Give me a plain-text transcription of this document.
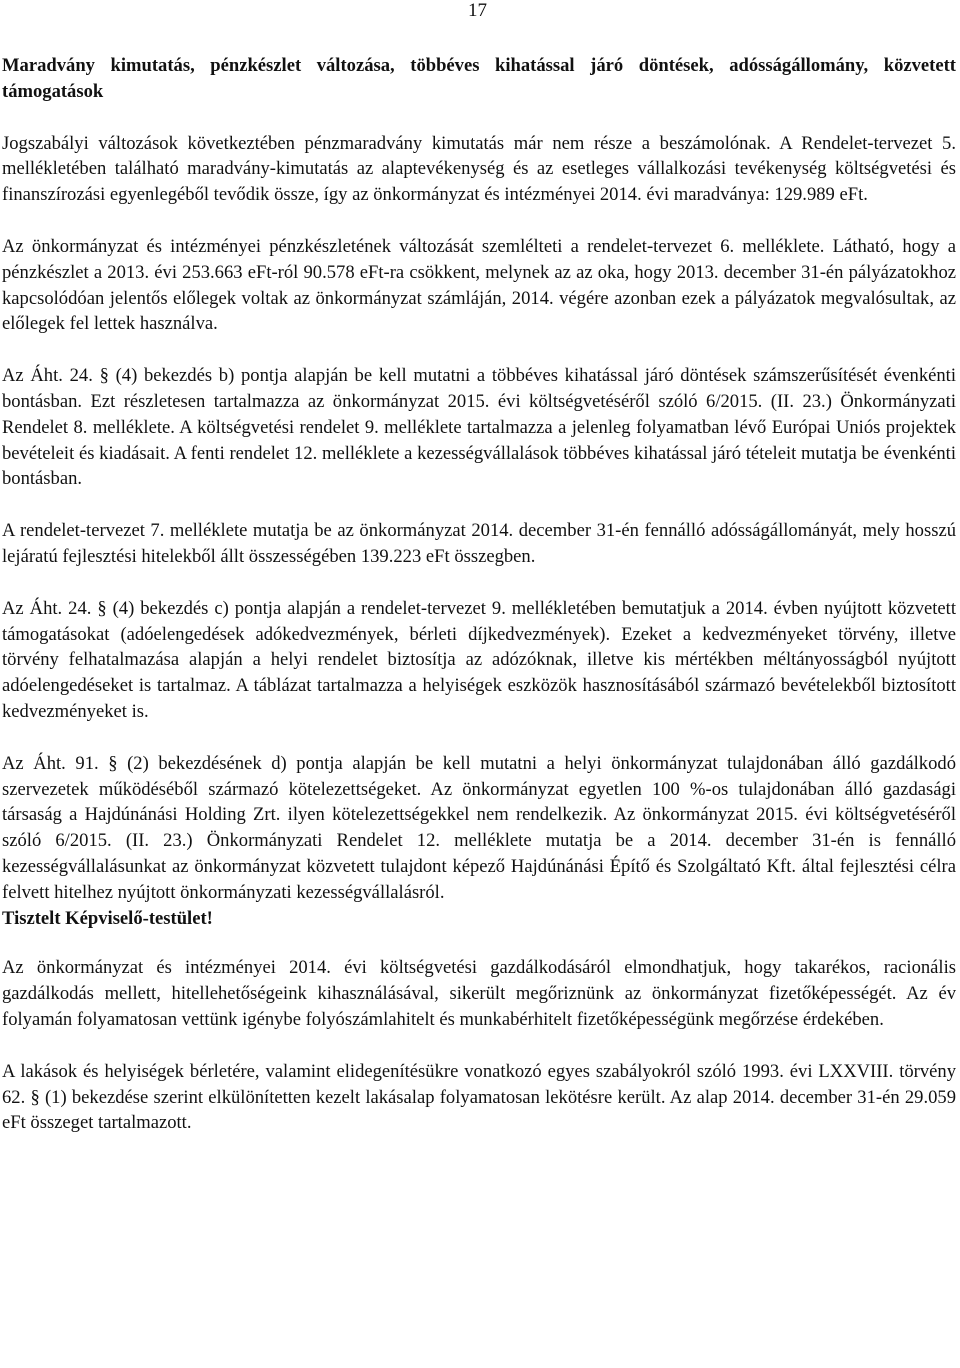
17

Maradvány kimutatás, pénzkészlet változása, többéves kihatással járó döntések, adósságállomány, közvetett támogatások

Jogszabályi változások következtében pénzmaradvány kimutatás már nem része a beszámolónak. A Rendelet-tervezet 5. mellékletében található maradvány-kimutatás az alaptevékenység és az esetleges vállalkozási tevékenység költségvetési és finanszírozási egyenlegéből tevődik össze, így az önkormányzat és intézményei 2014. évi maradványa: 129.989 eFt.

Az önkormányzat és intézményei pénzkészletének változását szemlélteti a rendelet-tervezet 6. melléklete. Látható, hogy a pénzkészlet a 2013. évi 253.663 eFt-ról 90.578 eFt-ra csökkent, melynek az az oka, hogy 2013. december 31-én pályázatokhoz kapcsolódóan jelentős előlegek voltak az önkormányzat számláján, 2014. végére azonban ezek a pályázatok megvalósultak, az előlegek fel lettek használva.

Az Áht. 24. § (4) bekezdés b) pontja alapján be kell mutatni a többéves kihatással járó döntések számszerűsítését évenkénti bontásban. Ezt részletesen tartalmazza az önkormányzat 2015. évi költségvetéséről szóló 6/2015. (II. 23.) Önkormányzati Rendelet 8. melléklete. A költségvetési rendelet 9. melléklete tartalmazza a jelenleg folyamatban lévő Európai Uniós projektek bevételeit és kiadásait. A fenti rendelet 12. melléklete a kezességvállalások többéves kihatással járó tételeit mutatja be évenkénti bontásban.

A rendelet-tervezet 7. melléklete mutatja be az önkormányzat 2014. december 31-én fennálló adósságállományát, mely hosszú lejáratú fejlesztési hitelekből állt összességében 139.223 eFt összegben.

Az Áht. 24. § (4) bekezdés c) pontja alapján a rendelet-tervezet 9. mellékletében bemutatjuk a 2014. évben nyújtott közvetett támogatásokat (adóelengedések adókedvezmények, bérleti díjkedvezmények). Ezeket a kedvezményeket törvény, illetve törvény felhatalmazása alapján a helyi rendelet biztosítja az adózóknak, illetve kis mértékben méltányosságból nyújtott adóelengedéseket is tartalmaz. A táblázat tartalmazza a helyiségek eszközök hasznosításából származó bevételekből biztosított kedvezményeket is.

Az Áht. 91. § (2) bekezdésének d) pontja alapján be kell mutatni a helyi önkormányzat tulajdonában álló gazdálkodó szervezetek működéséből származó kötelezettségeket. Az önkormányzat egyetlen 100 %-os tulajdonában álló gazdasági társaság a Hajdúnánási Holding Zrt. ilyen kötelezettségekkel nem rendelkezik. Az önkormányzat 2015. évi költségvetéséről szóló 6/2015. (II. 23.) Önkormányzati Rendelet 12. melléklete mutatja be a 2014. december 31-én is fennálló kezességvállalásunkat az önkormányzat közvetett tulajdont képező Hajdúnánási Építő és Szolgáltató Kft. által fejlesztési célra felvett hitelhez nyújtott önkormányzati kezességvállalásról.

Tisztelt Képviselő-testület!

Az önkormányzat és intézményei 2014. évi költségvetési gazdálkodásáról elmondhatjuk, hogy takarékos, racionális gazdálkodás mellett, hitellehetőségeink kihasználásával, sikerült megőriznünk az önkormányzat fizetőképességét. Az év folyamán folyamatosan vettünk igénybe folyószámlahitelt és munkabérhitelt fizetőképességünk megőrzése érdekében.

A lakások és helyiségek bérletére, valamint elidegenítésükre vonatkozó egyes szabályokról szóló 1993. évi LXXVIII. törvény 62. § (1) bekezdése szerint elkülönítetten kezelt lakásalap folyamatosan lekötésre került. Az alap 2014. december 31-én 29.059 eFt összeget tartalmazott.
